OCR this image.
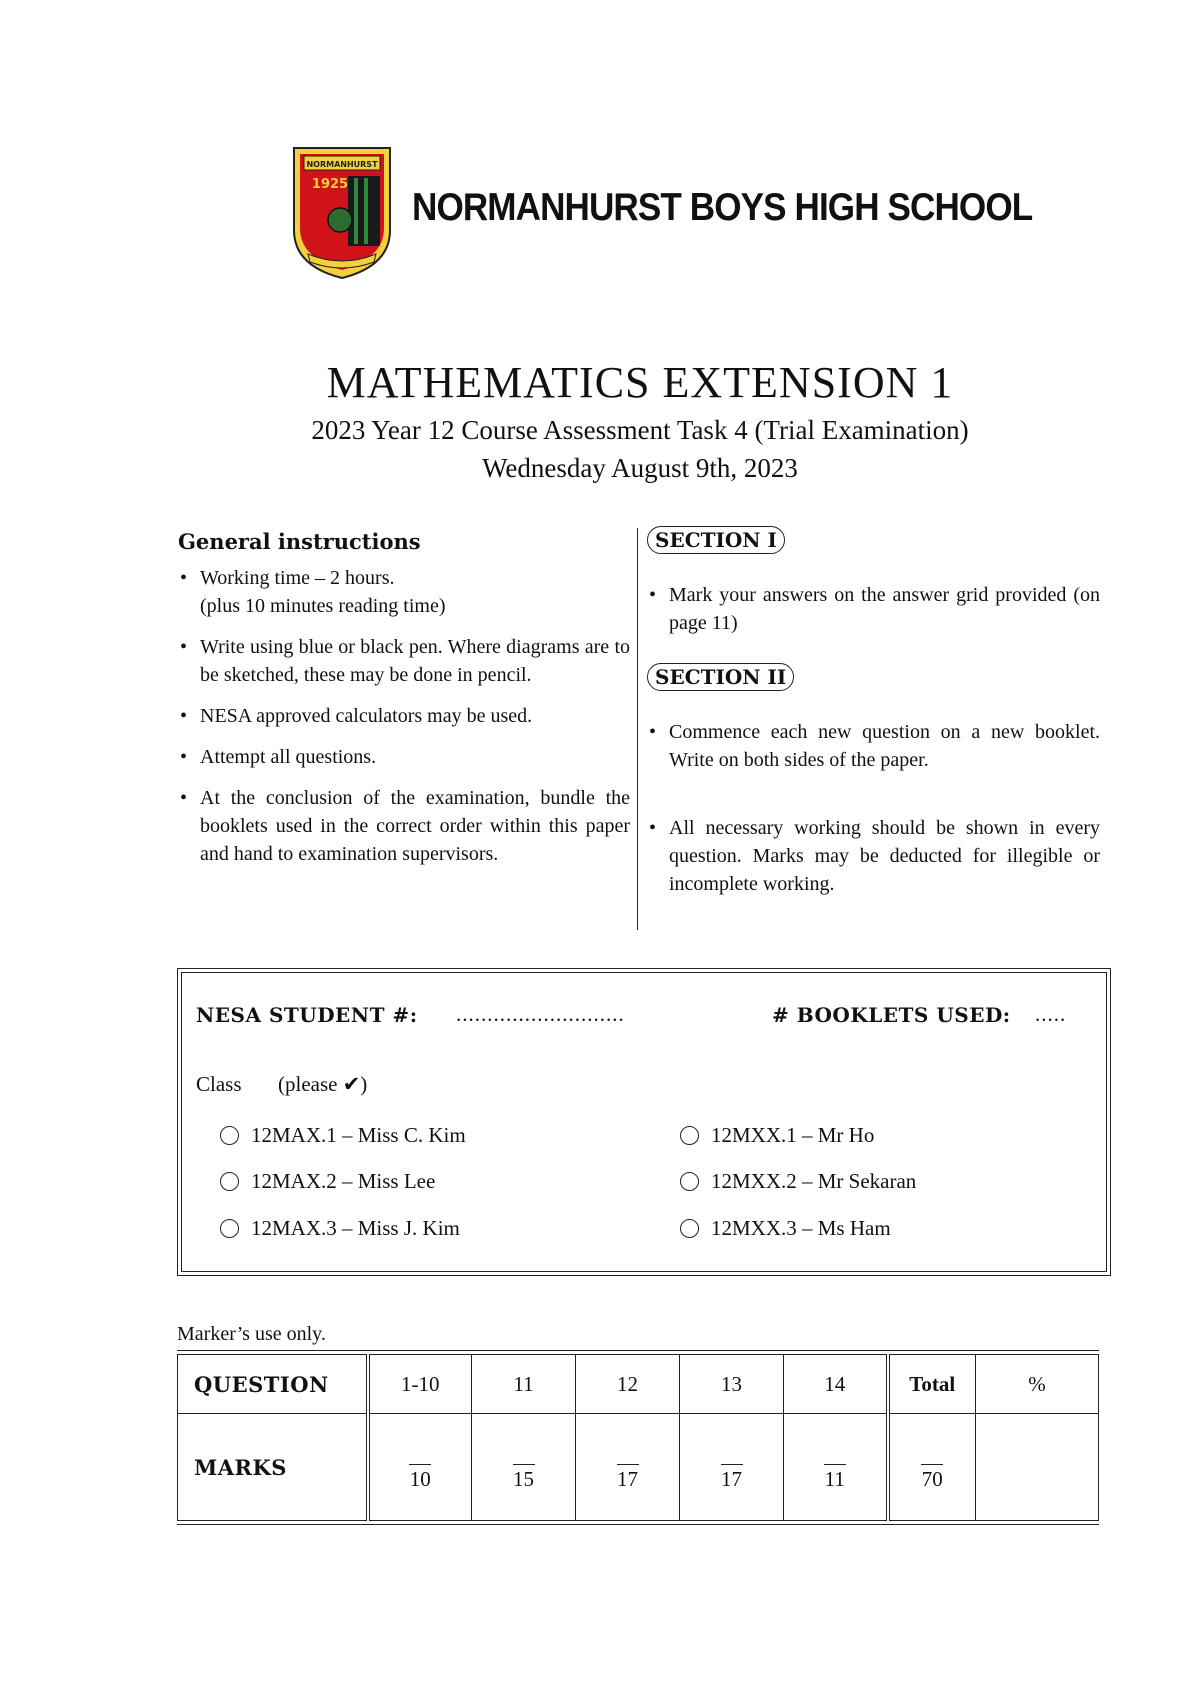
NORMANHURST
1925
NORMANHURST BOYS HIGH SCHOOL

MATHEMATICS EXTENSION 1

2023 Year 12 Course Assessment Task 4 (Trial Examination)

Wednesday August 9th, 2023

General instructions
• Working time – 2 hours.
(plus 10 minutes reading time)
• Write using blue or black pen. Where diagrams are to be sketched, these may be done in pencil.
• NESA approved calculators may be used.
• Attempt all questions.
• At the conclusion of the examination, bundle the booklets used in the correct order within this paper and hand to examination supervisors.
SECTION I
• Mark your answers on the answer grid provided (on page 11)
SECTION II
• Commence each new question on a new booklet. Write on both sides of the paper.
• All necessary working should be shown in every question. Marks may be deducted for illegible or incomplete working.
NESA STUDENT #: ...........................	# BOOKLETS USED: .....
Class (please ✔)
12MAX.1 – Miss C. Kim
12MAX.2 – Miss Lee
12MAX.3 – Miss J. Kim
12MXX.1 – Mr Ho
12MXX.2 – Mr Sekaran
12MXX.3 – Ms Ham
Marker’s use only.
QUESTION	1-10	11	12	13	14	Total	%
MARKS	10	15	17	17	11	70	
